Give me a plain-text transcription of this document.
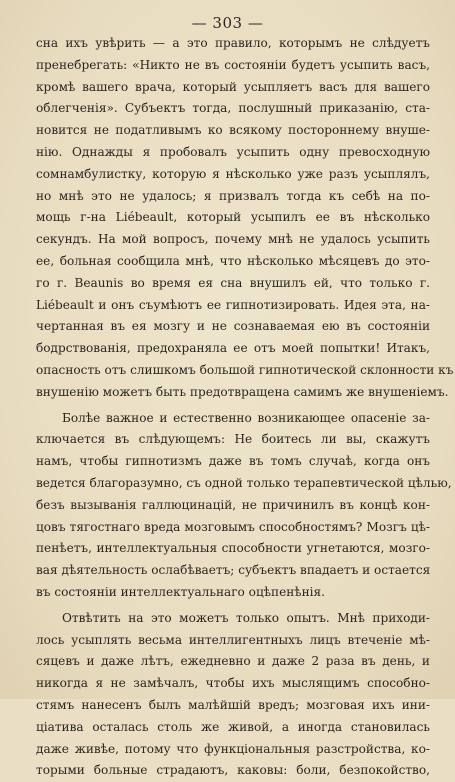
— 303 —
сна ихъ увѣрить — а это правило, которымъ не слѣдуетъ
пренебрегать: «Никто не въ состоянiи будетъ усыпить васъ,
кромѣ вашего врача, который усыпляетъ васъ для вашего
облегченiя». Субъектъ тогда, послушный приказанiю, ста-
новится не податливымъ ко всякому постороннему внуше-
нiю. Однажды я пробовалъ усыпить одну превосходную
сомнамбулистку, которую я нѣсколько уже разъ усыплялъ,
но мнѣ это не удалось; я призвалъ тогда къ себѣ на по-
мощь г-на Liébeault, который усыпилъ ее въ нѣсколько
секундъ. На мой вопросъ, почему мнѣ не удалось усыпить
ее, больная сообщила мнѣ, что нѣсколько мѣсяцевъ до это-
го г. Beaunis во время ея сна внушилъ ей, что только г.
Liébeault и онъ съумѣютъ ее гипнотизировать. Идея эта, на-
чертанная въ ея мозгу и не сознаваемая ею въ состоянiи
бодрствованiя, предохраняла ее отъ моей попытки! Итакъ,
опасность отъ слишкомъ большой гипнотической склонности къ
внушенiю можетъ быть предотвращена самимъ же внушенiемъ.
Болѣе важное и естественно возникающее опасенiе за-
ключается въ слѣдующемъ: Не боитесь ли вы, скажутъ
намъ, чтобы гипнотизмъ даже въ томъ случаѣ, когда онъ
ведется благоразумно, съ одной только терапевтической цѣлью,
безъ вызыванiя галлюцинацiй, не причинилъ въ концѣ кон-
цовъ тягостнаго вреда мозговымъ способностямъ? Мозгъ цѣ-
пенѣетъ, интеллектуальныя способности угнетаются, мозго-
вая дѣятельность ослабѣваетъ; субъектъ впадаетъ и остается
въ состоянiи интеллектуальнаго оцѣпенѣнiя.
Отвѣтить на это можетъ только опытъ. Мнѣ приходи-
лось усыплять весьма интеллигентныхъ лицъ втеченiе мѣ-
сяцевъ и даже лѣтъ, ежедневно и даже 2 раза въ день, и
никогда я не замѣчалъ, чтобы ихъ мыслящимъ способно-
стямъ нанесенъ былъ малѣйшiй вредъ; мозговая ихъ ини-
цiатива осталась столь же живой, а иногда становилась
даже живѣе, потому что функцiональныя разстройства, ко-
торыми больные страдаютъ, каковы: боли, безпокойство,
